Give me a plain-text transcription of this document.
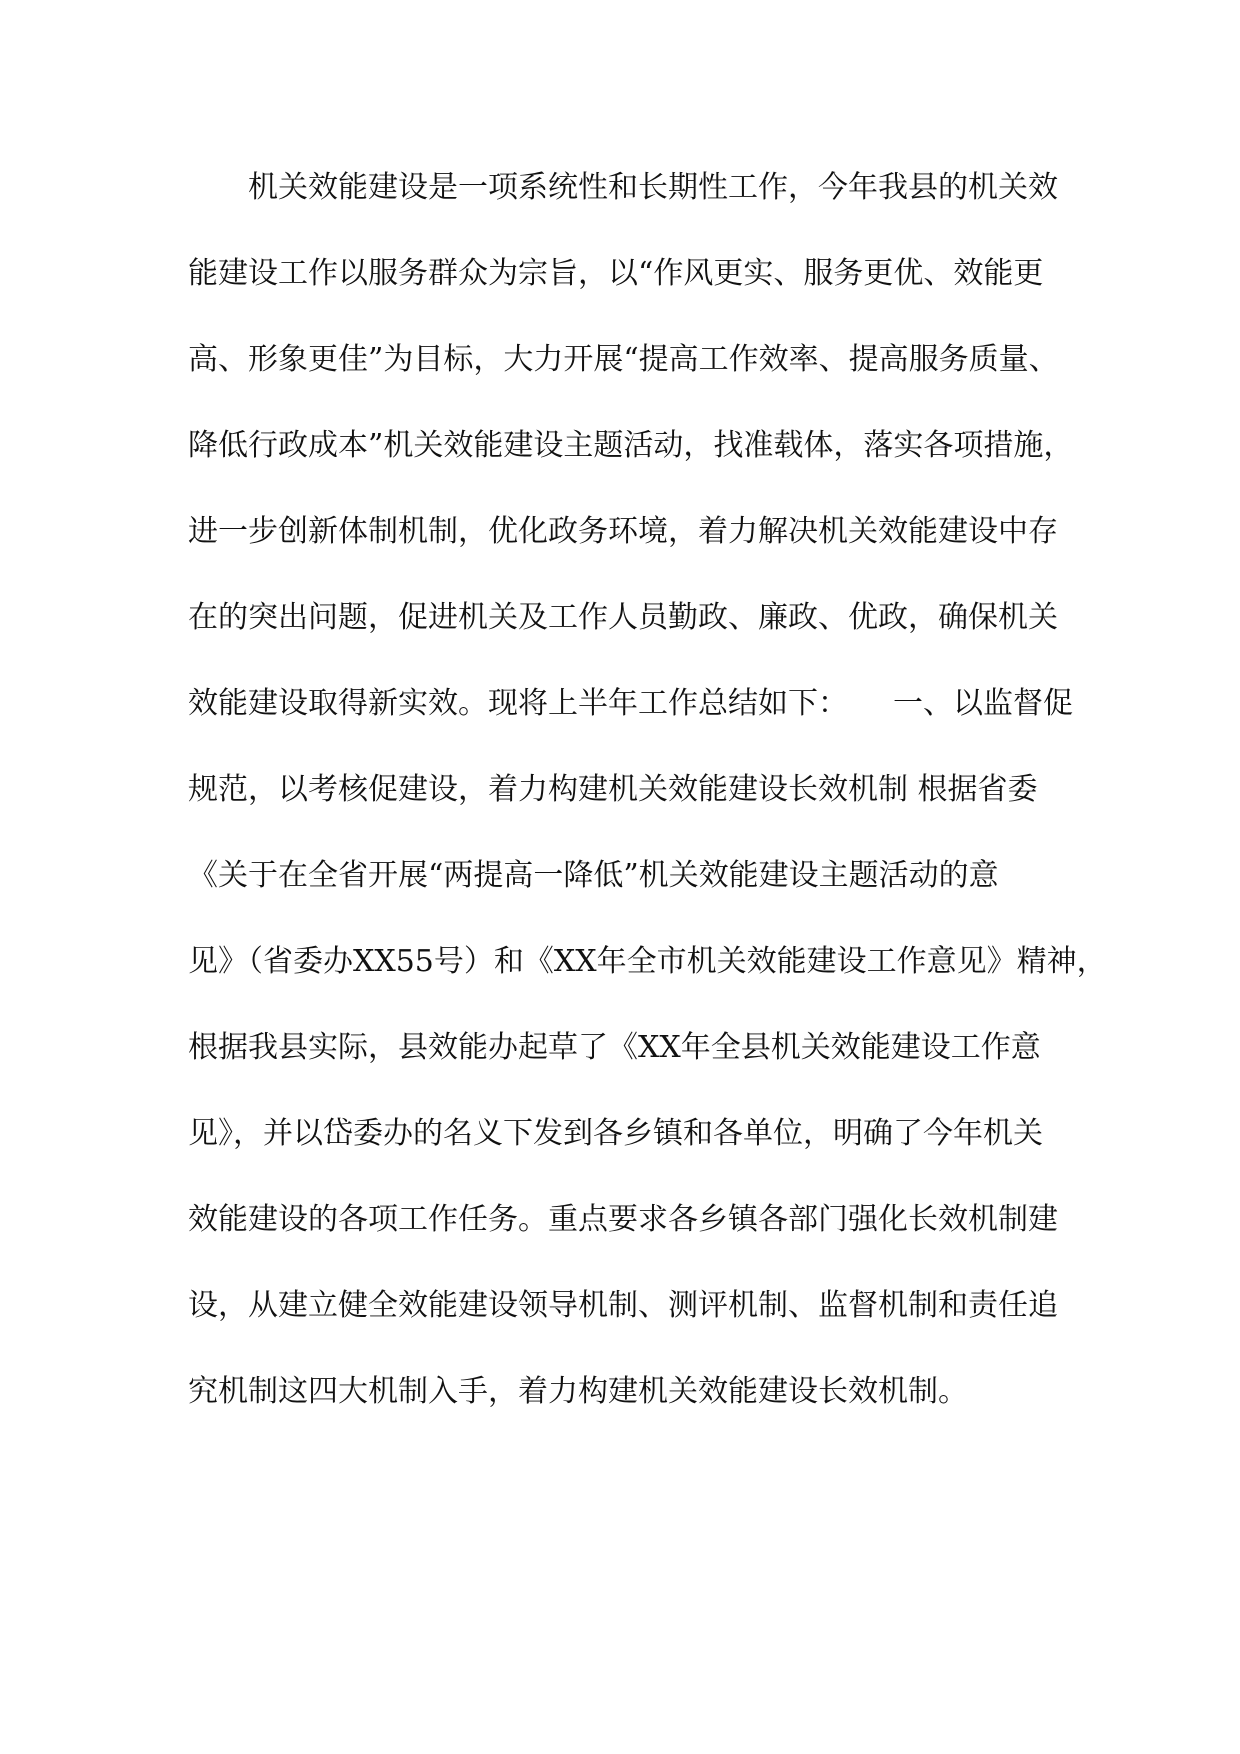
　　机关效能建设是一项系统性和长期性工作，今年我县的机关效
能建设工作以服务群众为宗旨，以“作风更实、服务更优、效能更
高、形象更佳”为目标，大力开展“提高工作效率、提高服务质量、
降低行政成本”机关效能建设主题活动，找准载体，落实各项措施，
进一步创新体制机制，优化政务环境，着力解决机关效能建设中存
在的突出问题，促进机关及工作人员勤政、廉政、优政，确保机关
效能建设取得新实效。现将上半年工作总结如下：　　一、以监督促
规范，以考核促建设，着力构建机关效能建设长效机制 根据省委
《关于在全省开展“两提高一降低”机关效能建设主题活动的意
见》（省委办XX55号）和《XX年全市机关效能建设工作意见》精神，
根据我县实际，县效能办起草了《XX年全县机关效能建设工作意
见》，并以岱委办的名义下发到各乡镇和各单位，明确了今年机关
效能建设的各项工作任务。重点要求各乡镇各部门强化长效机制建
设，从建立健全效能建设领导机制、测评机制、监督机制和责任追
究机制这四大机制入手，着力构建机关效能建设长效机制。
